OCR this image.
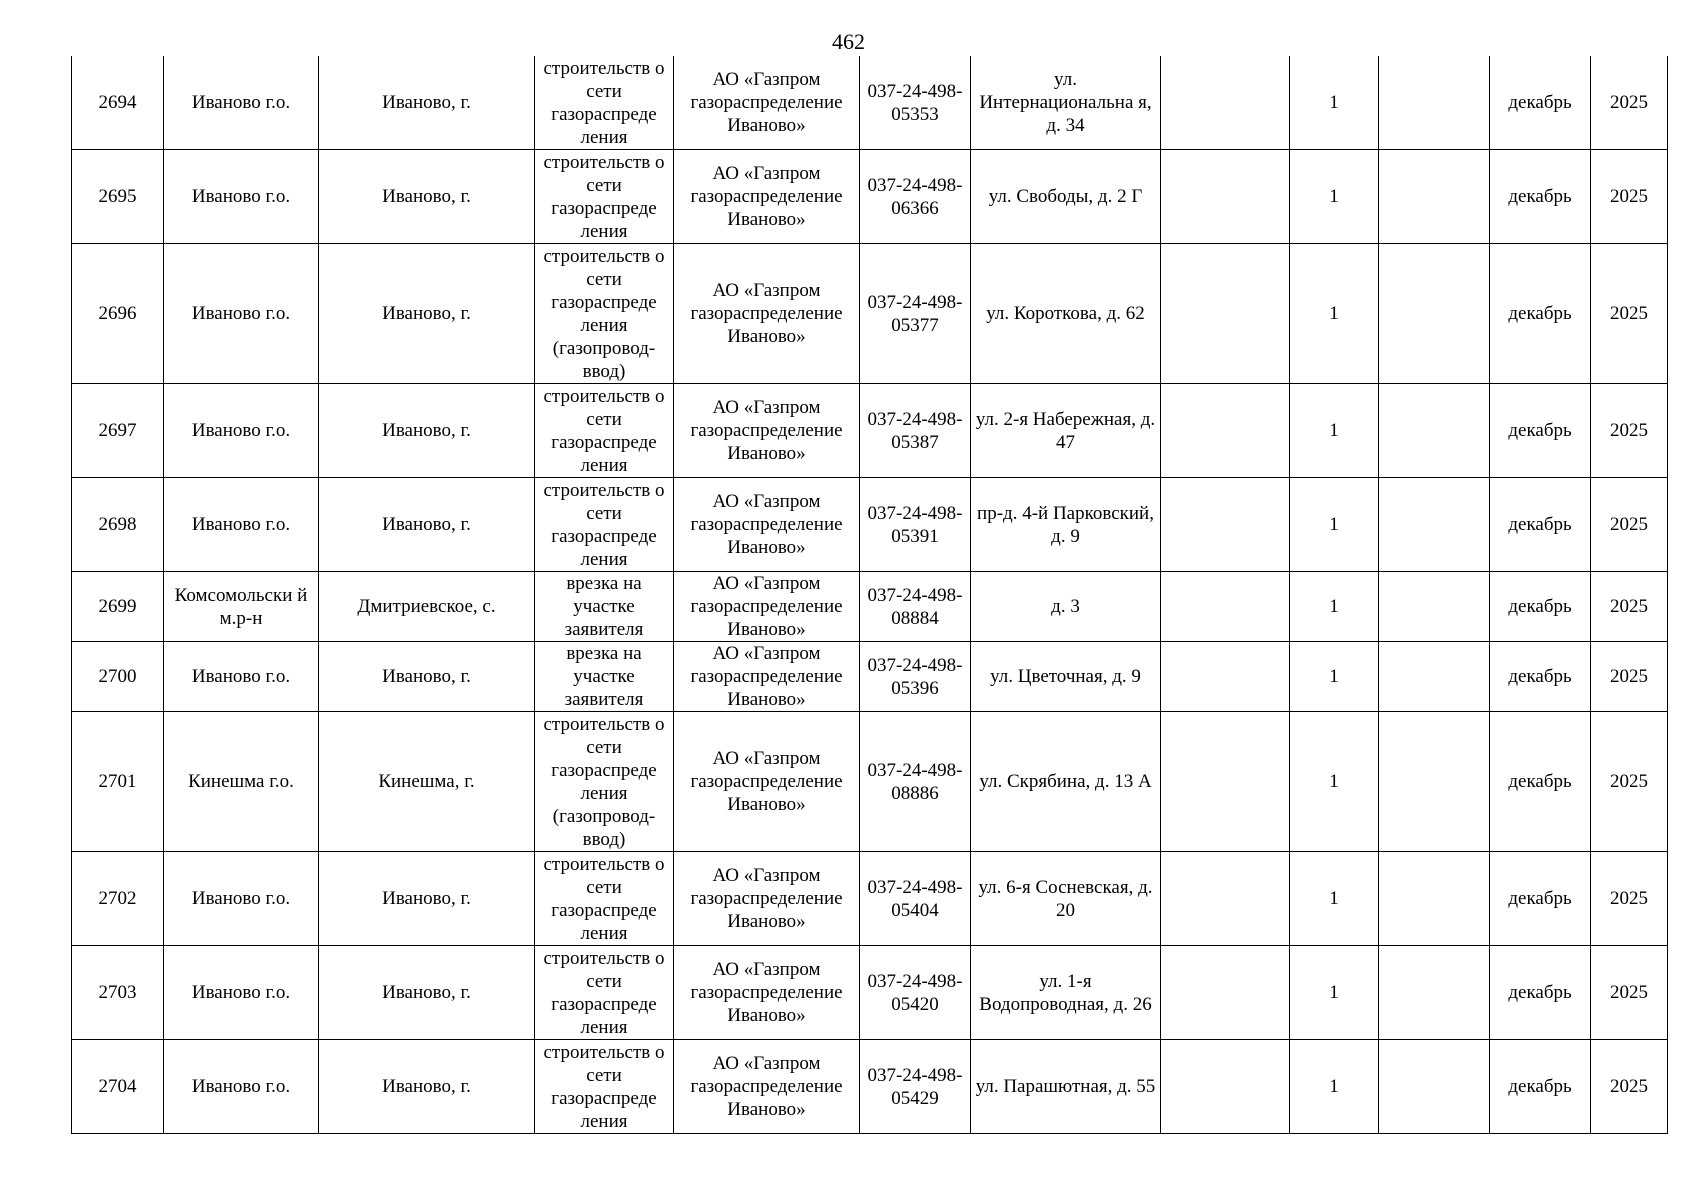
462
2694	Иваново г.о.	Иваново, г.	строительств о сети газораспреде ления	АО «Газпром газораспределение Иваново»	037-24-498-05353	ул. Интернациональна я, д. 34		1		декабрь	2025
2695	Иваново г.о.	Иваново, г.	строительств о сети газораспреде ления	АО «Газпром газораспределение Иваново»	037-24-498-06366	ул. Свободы, д. 2 Г		1		декабрь	2025
2696	Иваново г.о.	Иваново, г.	строительств о сети газораспреде ления (газопровод-ввод)	АО «Газпром газораспределение Иваново»	037-24-498-05377	ул. Короткова, д. 62		1		декабрь	2025
2697	Иваново г.о.	Иваново, г.	строительств о сети газораспреде ления	АО «Газпром газораспределение Иваново»	037-24-498-05387	ул. 2-я Набережная, д. 47		1		декабрь	2025
2698	Иваново г.о.	Иваново, г.	строительств о сети газораспреде ления	АО «Газпром газораспределение Иваново»	037-24-498-05391	пр-д. 4-й Парковский, д. 9		1		декабрь	2025
2699	Комсомольски й м.р-н	Дмитриевское, с.	врезка на участке заявителя	АО «Газпром газораспределение Иваново»	037-24-498-08884	д. 3		1		декабрь	2025
2700	Иваново г.о.	Иваново, г.	врезка на участке заявителя	АО «Газпром газораспределение Иваново»	037-24-498-05396	ул. Цветочная, д. 9		1		декабрь	2025
2701	Кинешма г.о.	Кинешма, г.	строительств о сети газораспреде ления (газопровод-ввод)	АО «Газпром газораспределение Иваново»	037-24-498-08886	ул. Скрябина, д. 13 А		1		декабрь	2025
2702	Иваново г.о.	Иваново, г.	строительств о сети газораспреде ления	АО «Газпром газораспределение Иваново»	037-24-498-05404	ул. 6-я Сосневская, д. 20		1		декабрь	2025
2703	Иваново г.о.	Иваново, г.	строительств о сети газораспреде ления	АО «Газпром газораспределение Иваново»	037-24-498-05420	ул. 1-я Водопроводная, д. 26		1		декабрь	2025
2704	Иваново г.о.	Иваново, г.	строительств о сети газораспреде ления	АО «Газпром газораспределение Иваново»	037-24-498-05429	ул. Парашютная, д. 55		1		декабрь	2025
